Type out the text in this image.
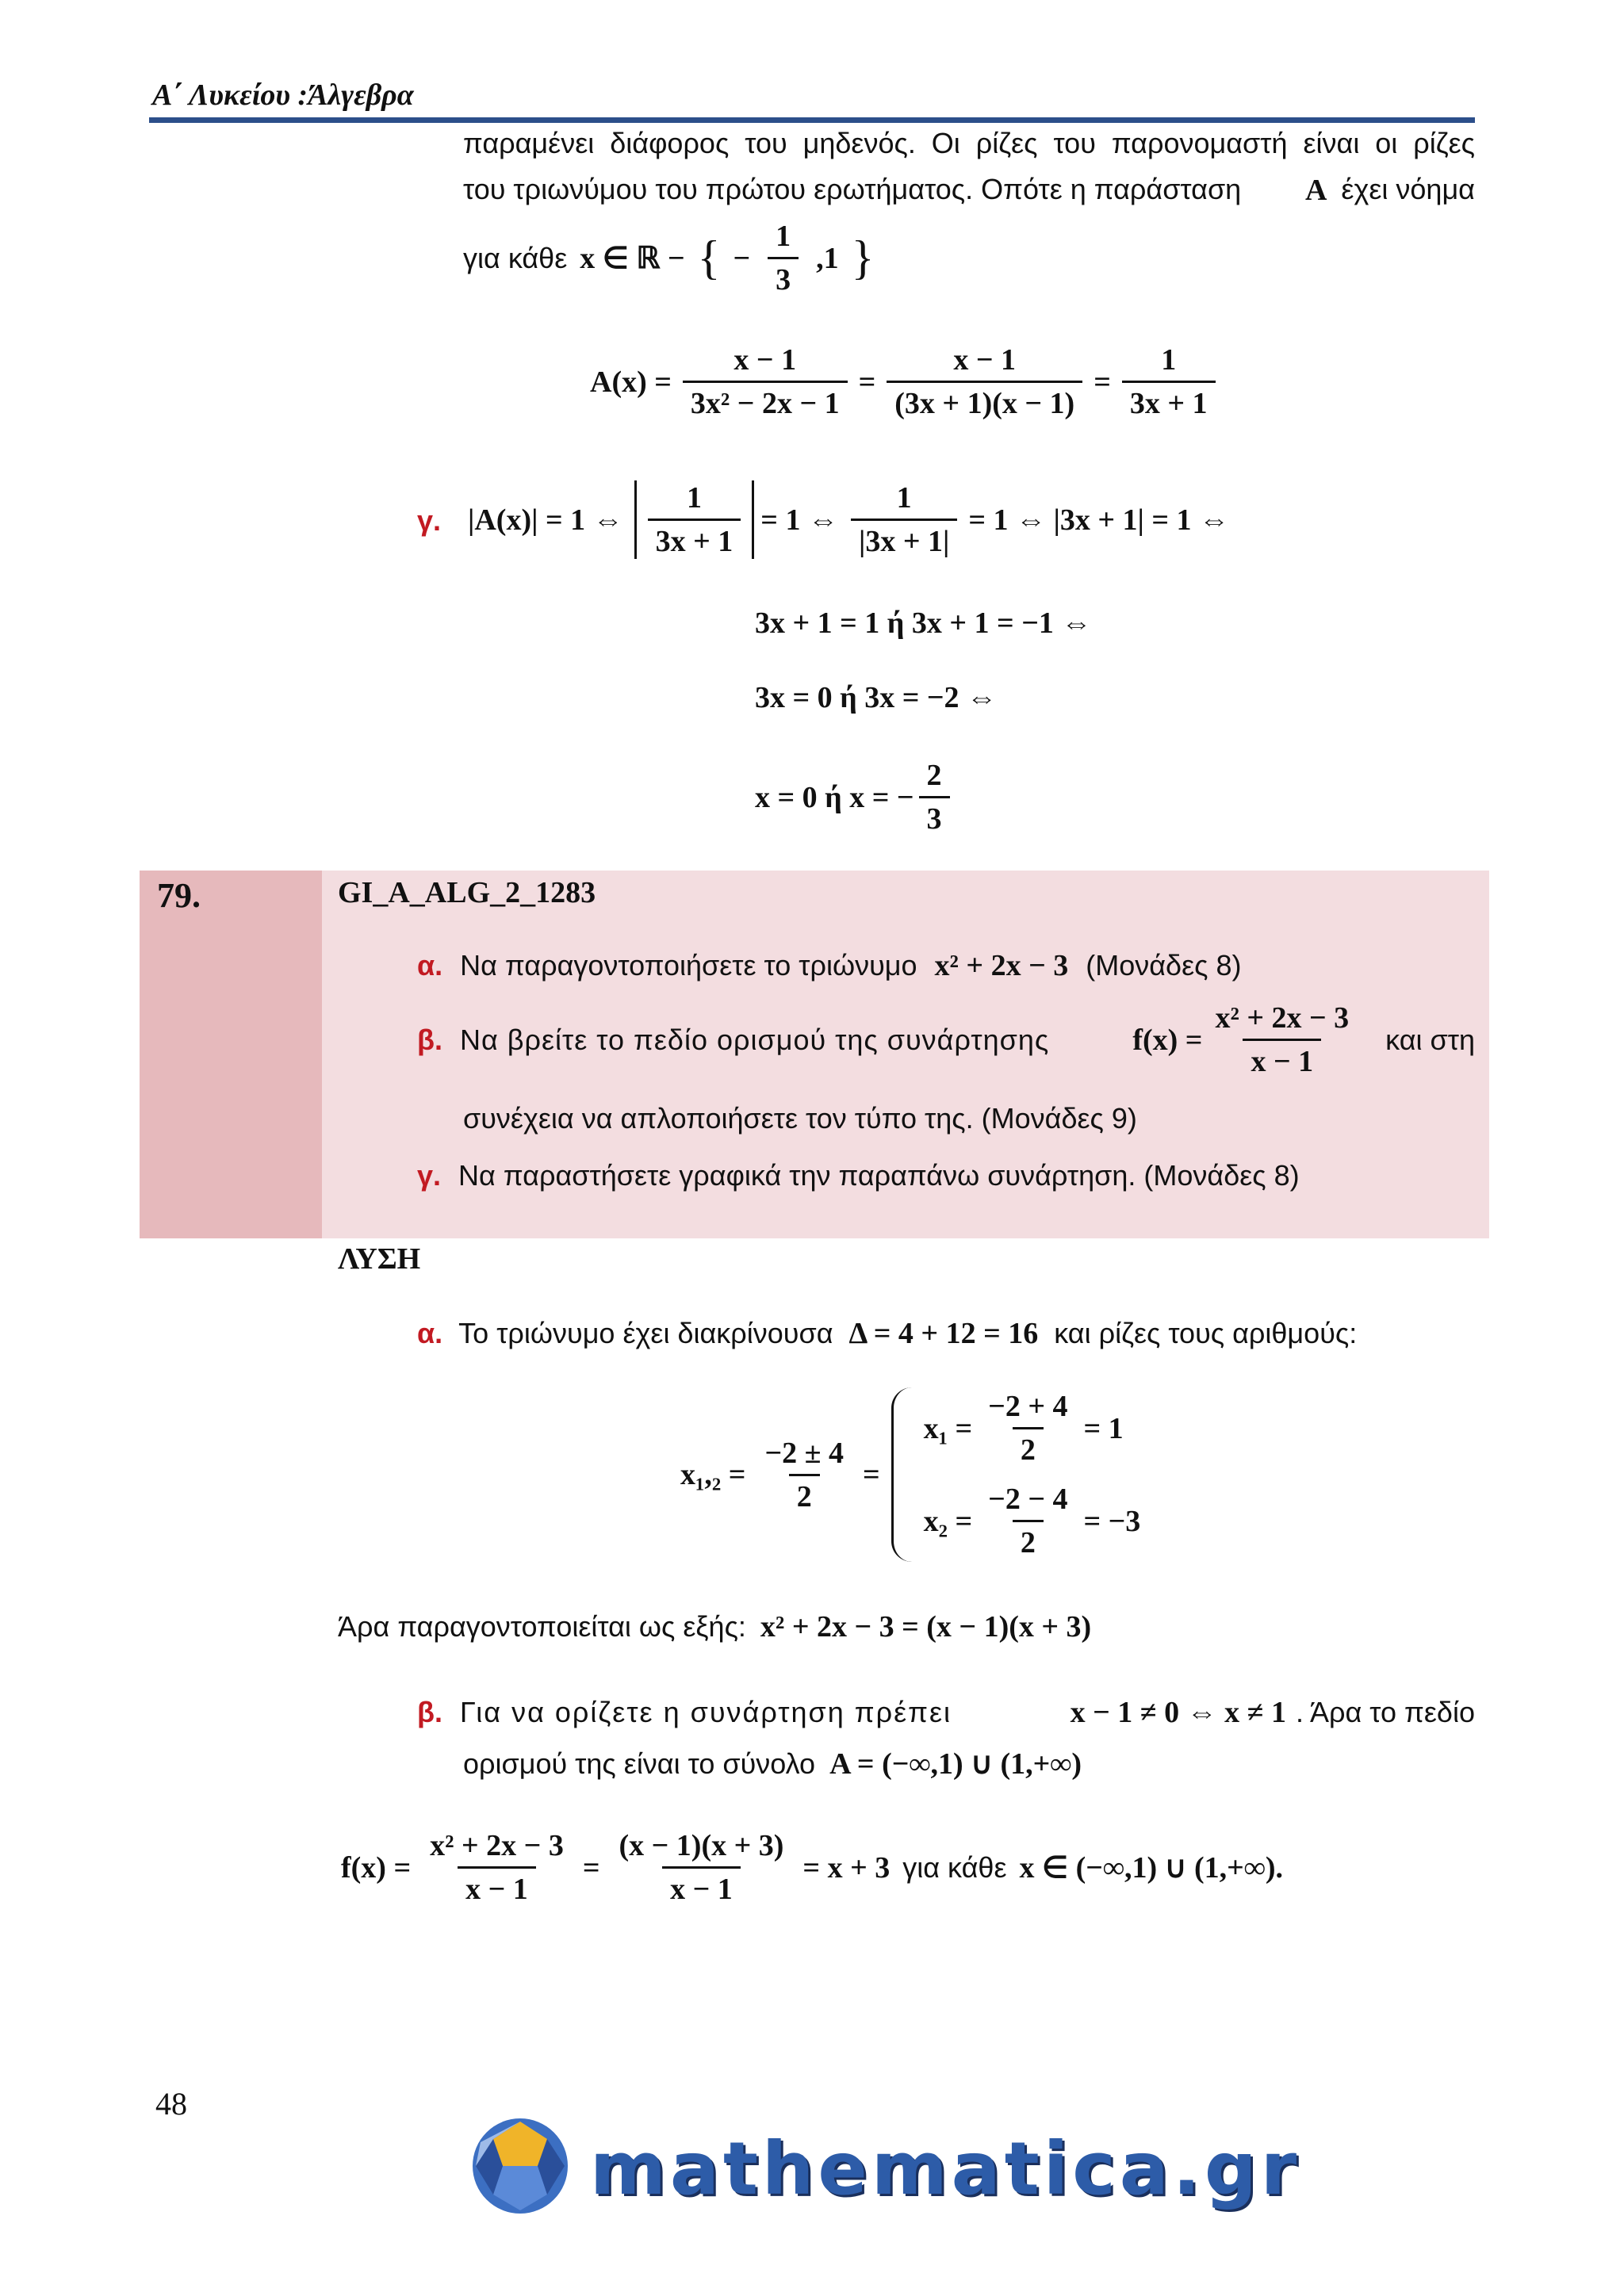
Α΄ Λυκείου :Άλγεβρα
παραμένει διάφορος του μηδενός. Οι ρίζες του παρονομαστή είναι οι ρίζες
του τριωνύμου του πρώτου ερωτήματος. Οπότε η παράσταση A έχει νόημα
για κάθε x ∈ ℝ − { − $\frac{1}{3} ,1$ }
$A(x) = \frac{x - 1}{\text{3x² − 2x − 1}} = \frac{x - 1}{(3x + 1)(x - 1)} = \frac{1}{3x + 1}$
γ. |A(x)| = 1 ⇔ $\frac{1}{3x + 1} = 1$ ⇔ $\frac{1}{|3x + 1|} = 1$ ⇔ |3x + 1| = 1 ⇔
3x + 1 = 1 ή 3x + 1 = −1 ⇔
3x = 0 ή 3x = −2 ⇔
x = 0 ή x = − $\frac{2}{3}$
79.	GI_A_ALG_2_1283
α. Να παραγοντοποιήσετε το τριώνυμο x² + 2x − 3 (Μονάδες 8)
β. Να βρείτε το πεδίο ορισμού της συνάρτησης	$f(x) = \frac{\text{x² + 2x − 3}}{x - 1}$ και στη
συνέχεια να απλοποιήσετε τον τύπο της. (Μονάδες 9)
γ. Να παραστήσετε γραφικά την παραπάνω συνάρτηση. (Μονάδες 8)
ΛΥΣΗ
α. Το τριώνυμο έχει διακρίνουσα Δ = 4 + 12 = 16 και ρίζες τους αριθμούς:
$x_1,_2 = \frac{-2 \pm 4}{2}$ =
$x_1 = \frac{-2 + 4}{2} = 1$
$x_2 = \frac{-2 - 4}{2} = -3$
Άρα παραγοντοποιείται ως εξής: x² + 2x − 3 = (x − 1)(x + 3)
β. Για να ορίζετε η συνάρτηση πρέπει	x − 1 ≠ 0 ⇔ x ≠ 1 . Άρα το πεδίο
ορισμού της είναι το σύνολο A = (−∞,1) ∪ (1,+∞)
$f(x) = \frac{\text{x² + 2x − 3}}{x - 1} = \frac{(x - 1)(x + 3)}{x - 1} = x + 3$ για κάθε x ∈ (−∞,1) ∪ (1,+∞).
48
mathematica.gr
